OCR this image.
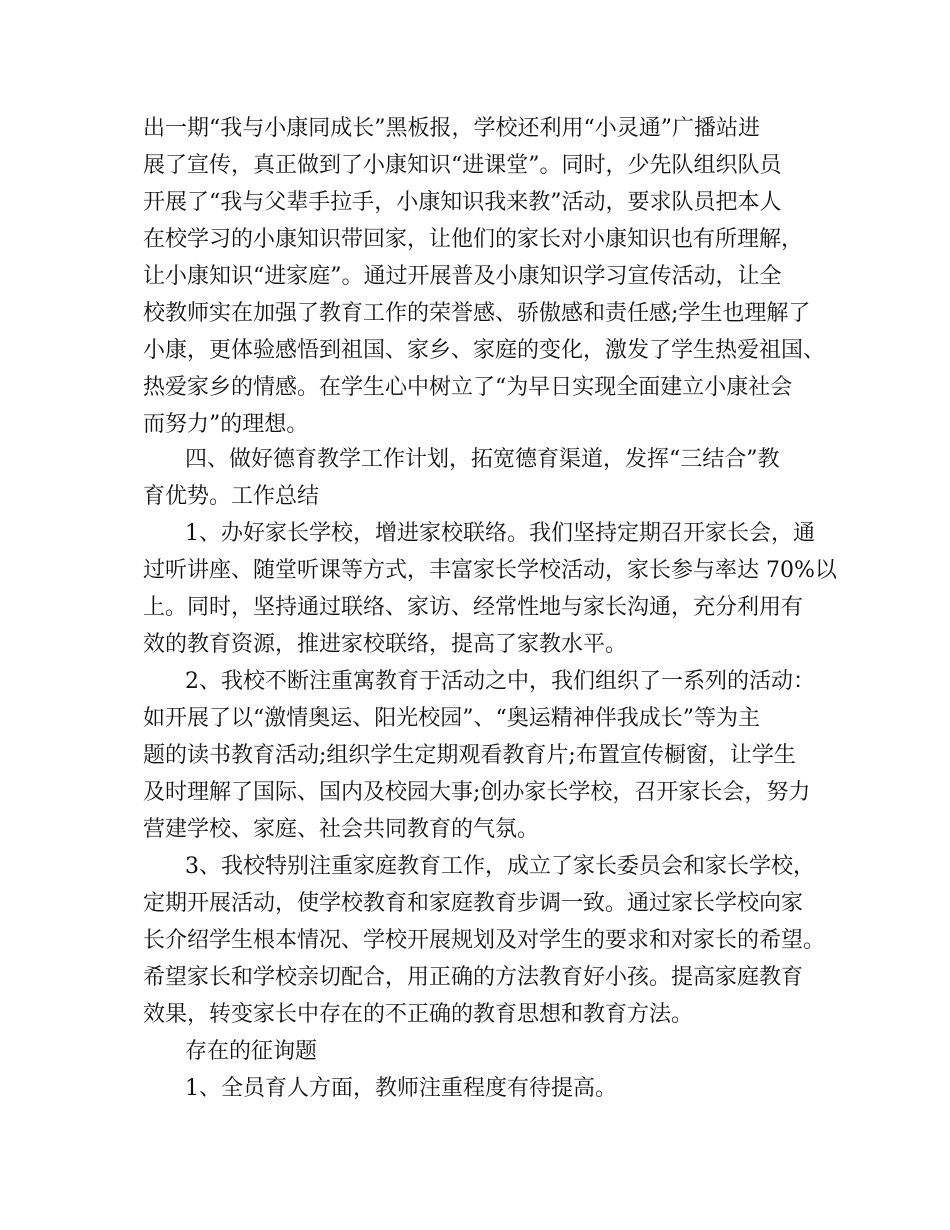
出一期“我与小康同成长”黑板报，学校还利用“小灵通”广播站进
展了宣传，真正做到了小康知识“进课堂”。同时，少先队组织队员
开展了“我与父辈手拉手，小康知识我来教”活动，要求队员把本人
在校学习的小康知识带回家，让他们的家长对小康知识也有所理解，
让小康知识“进家庭”。通过开展普及小康知识学习宣传活动，让全
校教师实在加强了教育工作的荣誉感、骄傲感和责任感;学生也理解了
小康，更体验感悟到祖国、家乡、家庭的变化，激发了学生热爱祖国、
热爱家乡的情感。在学生心中树立了“为早日实现全面建立小康社会
而努力”的理想。
四、做好德育教学工作计划，拓宽德育渠道，发挥“三结合”教
育优势。工作总结
1、办好家长学校，增进家校联络。我们坚持定期召开家长会，通
过听讲座、随堂听课等方式，丰富家长学校活动，家长参与率达 70%以
上。同时，坚持通过联络、家访、经常性地与家长沟通，充分利用有
效的教育资源，推进家校联络，提高了家教水平。
2、我校不断注重寓教育于活动之中，我们组织了一系列的活动：
如开展了以“激情奥运、阳光校园”、“奥运精神伴我成长”等为主
题的读书教育活动;组织学生定期观看教育片;布置宣传橱窗，让学生
及时理解了国际、国内及校园大事;创办家长学校，召开家长会，努力
营建学校、家庭、社会共同教育的气氛。
3、我校特别注重家庭教育工作，成立了家长委员会和家长学校，
定期开展活动，使学校教育和家庭教育步调一致。通过家长学校向家
长介绍学生根本情况、学校开展规划及对学生的要求和对家长的希望。
希望家长和学校亲切配合，用正确的方法教育好小孩。提高家庭教育
效果，转变家长中存在的不正确的教育思想和教育方法。
存在的征询题
1、全员育人方面，教师注重程度有待提高。
